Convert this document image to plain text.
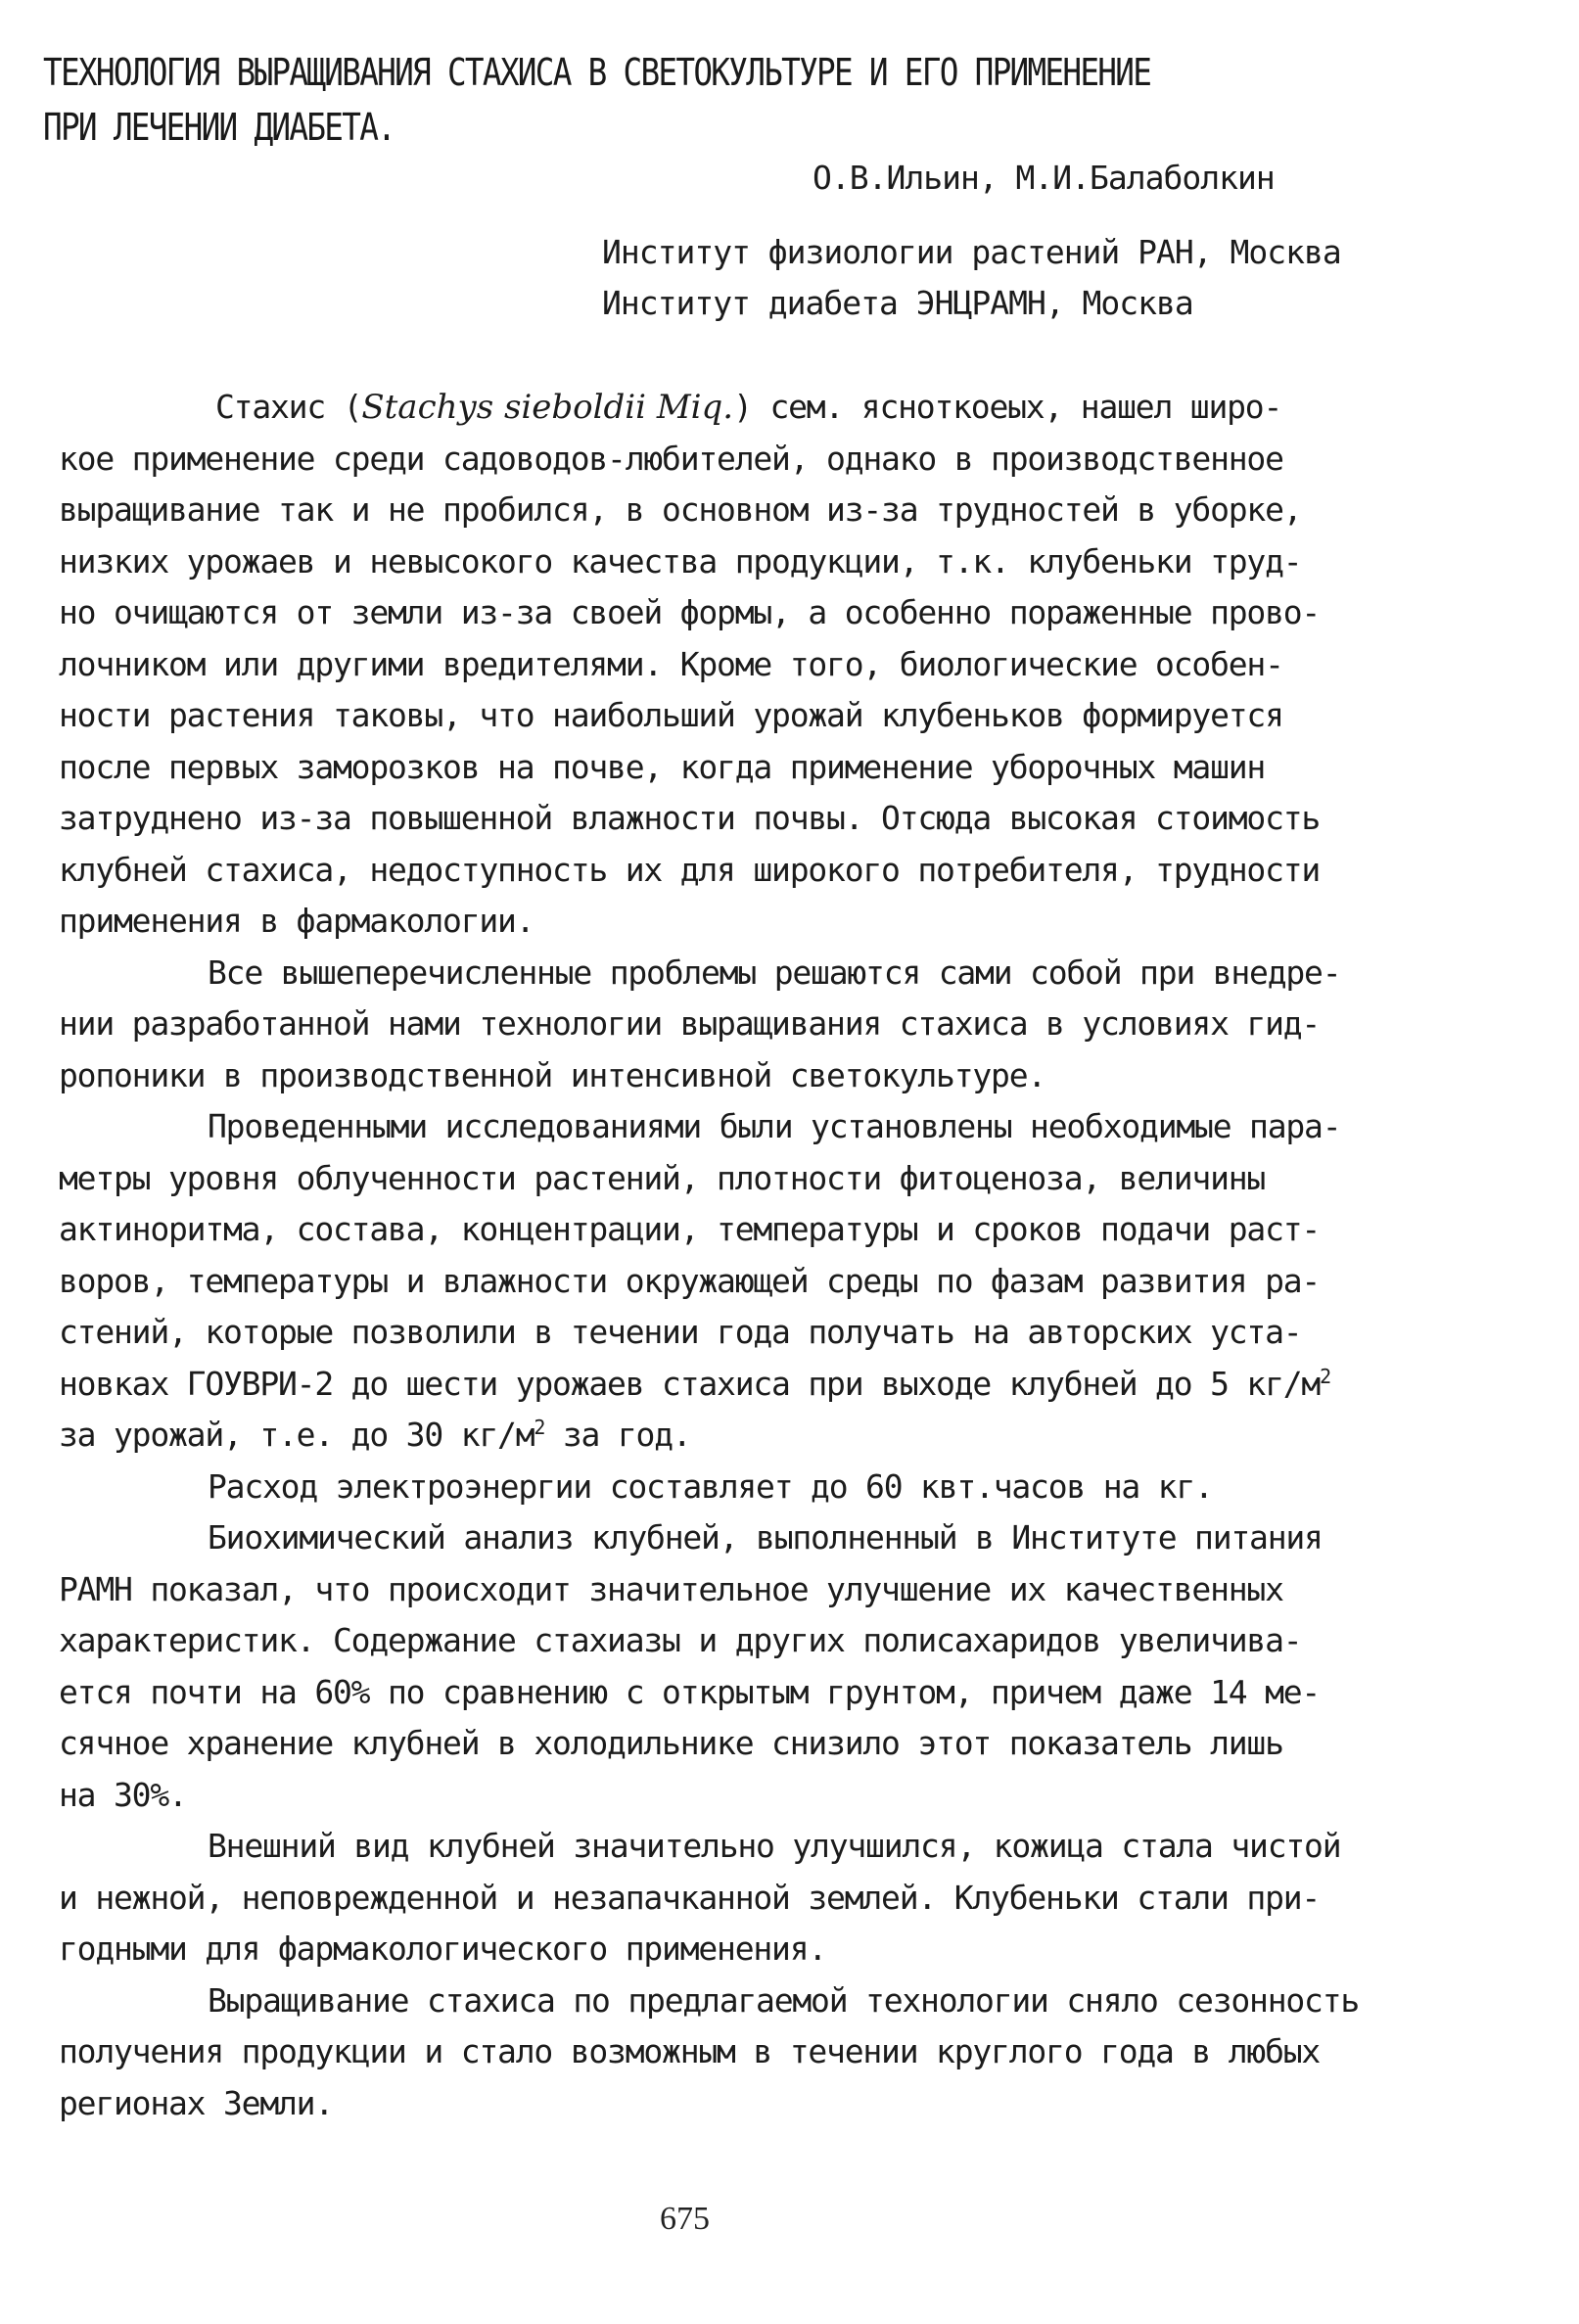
ТЕХНОЛОГИЯ ВЫРАЩИВАНИЯ СТАХИСА В СВЕТОКУЛЬТУРЕ И ЕГО ПРИМЕНЕНИЕ
ПРИ ЛЕЧЕНИИ ДИАБЕТА.
О.В.Ильин, М.И.Балаболкин
Институт физиологии растений РАН, Москва
Институт диабета ЭНЦРАМН, Москва
Стахис (Stachys sieboldii Miq.) сем. ясноткоеых, нашел широ-
кое применение среди садоводов-любителей, однако в производственное
выращивание так и не пробился, в основном из-за трудностей в уборке,
низких урожаев и невысокого качества продукции, т.к. клубеньки труд-
но очищаются от земли из-за своей формы, а особенно пораженные прово-
лочником или другими вредителями. Кроме того, биологические особен-
ности растения таковы, что наибольший урожай клубеньков формируется
после первых заморозков на почве, когда применение уборочных машин
затруднено из-за повышенной влажности почвы. Отсюда высокая стоимость
клубней стахиса, недоступность их для широкого потребителя, трудности
применения в фармакологии.
Все вышеперечисленные проблемы решаются сами собой при внедре-
нии разработанной нами технологии выращивания стахиса в условиях гид-
ропоники в производственной интенсивной светокультуре.
Проведенными исследованиями были установлены необходимые пара-
метры уровня облученности растений, плотности фитоценоза, величины
актиноритма, состава, концентрации, температуры и сроков подачи раст-
воров, температуры и влажности окружающей среды по фазам развития ра-
стений, которые позволили в течении года получать на авторских уста-
новках ГОУВРИ-2 до шести урожаев стахиса при выходе клубней до 5 $кг/м^2$
за урожай, т.е. до 30 $кг/м^2$ за год.
Расход электроэнергии составляет до 60 квт.часов на кг.
Биохимический анализ клубней, выполненный в Институте питания
РАМН показал, что происходит значительное улучшение их качественных
характеристик. Содержание стахиазы и других полисахаридов увеличива-
ется почти на 60% по сравнению с открытым грунтом, причем даже 14 ме-
сячное хранение клубней в холодильнике снизило этот показатель лишь
на 30%.
Внешний вид клубней значительно улучшился, кожица стала чистой
и нежной, неповрежденной и незапачканной землей. Клубеньки стали при-
годными для фармакологического применения.
Выращивание стахиса по предлагаемой технологии сняло сезонность
получения продукции и стало возможным в течении круглого года в любых
регионах Земли.
675
